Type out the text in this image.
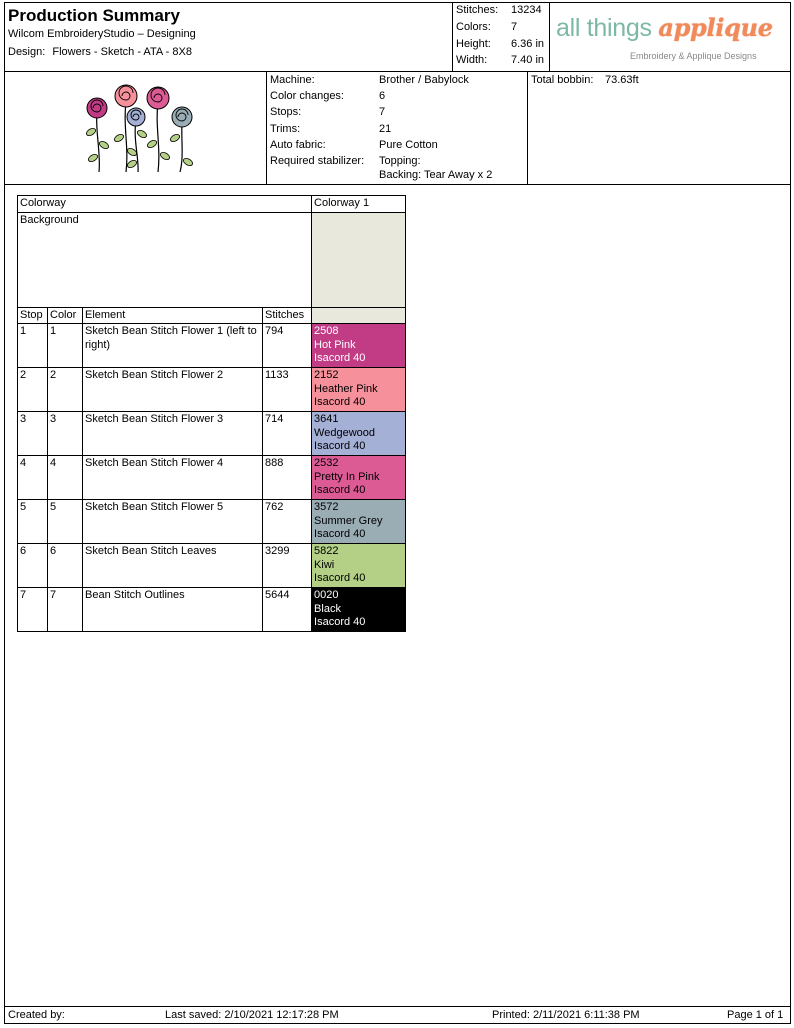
Production Summary
Wilcom EmbroideryStudio – Designing
Design: Flowers - Sketch - ATA - 8X8
Stitches: 13234
Colors: 7
Height: 6.36 in
Width: 7.40 in
all things applique
Embroidery & Applique Designs
Machine:	Brother / Babylock
Color changes:	6
Stops:	7
Trims:	21
Auto fabric:	Pure Cotton
Required stabilizer: Topping:
Backing: Tear Away x 2
Total bobbin: 73.63ft
Colorway				Colorway 1
Background				
Stop	Color	Element	Stitches	
1	1	Sketch Bean Stitch Flower 1 (left to right)	794	2508
Hot Pink
Isacord 40

2	2	Sketch Bean Stitch Flower 2	1133	2152
Heather Pink
Isacord 40

3	3	Sketch Bean Stitch Flower 3	714	3641
Wedgewood
Isacord 40

4	4	Sketch Bean Stitch Flower 4	888	2532
Pretty In Pink
Isacord 40

5	5	Sketch Bean Stitch Flower 5	762	3572
Summer Grey
Isacord 40

6	6	Sketch Bean Stitch Leaves	3299	5822
Kiwi
Isacord 40

7	7	Bean Stitch Outlines	5644	0020
Black
Isacord 40
Created by:	Last saved: 2/10/2021 12:17:28 PM	Printed: 2/11/2021 6:11:38 PM	Page 1 of 1
